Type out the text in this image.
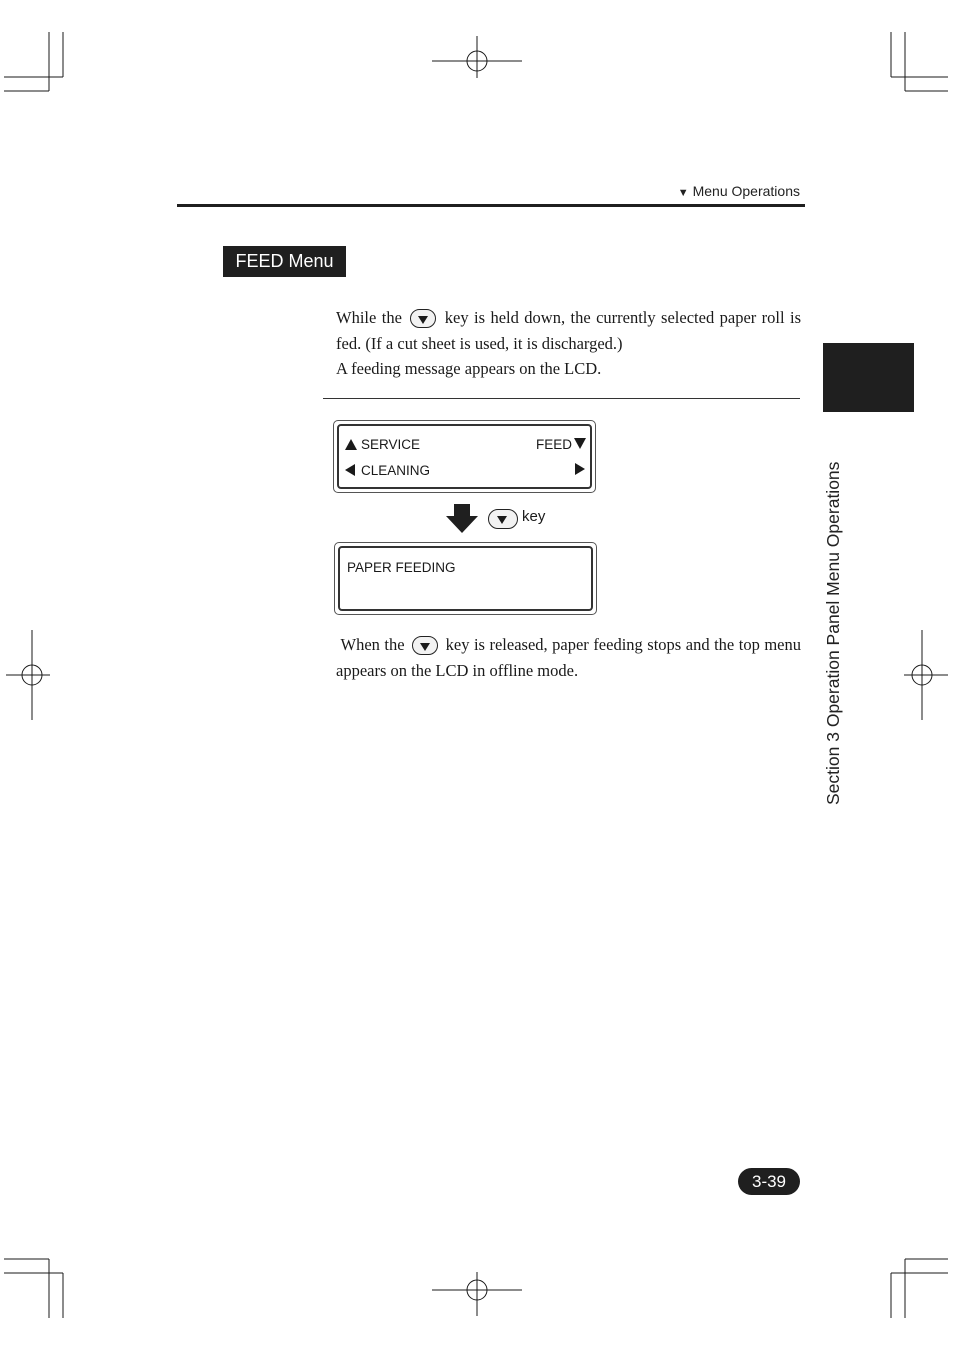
▼ Menu Operations
FEED Menu
While the	key is held down, the currently selected paper roll is fed. (If a cut sheet is used, it is discharged.)
A feeding message appears on the LCD.
SERVICE	FEED
CLEANING
key
PAPER FEEDING
When the key is released, paper feeding stops and the top menu appears on the LCD in offline mode.	Section 3 Operation Panel Menu Operations
3-39
